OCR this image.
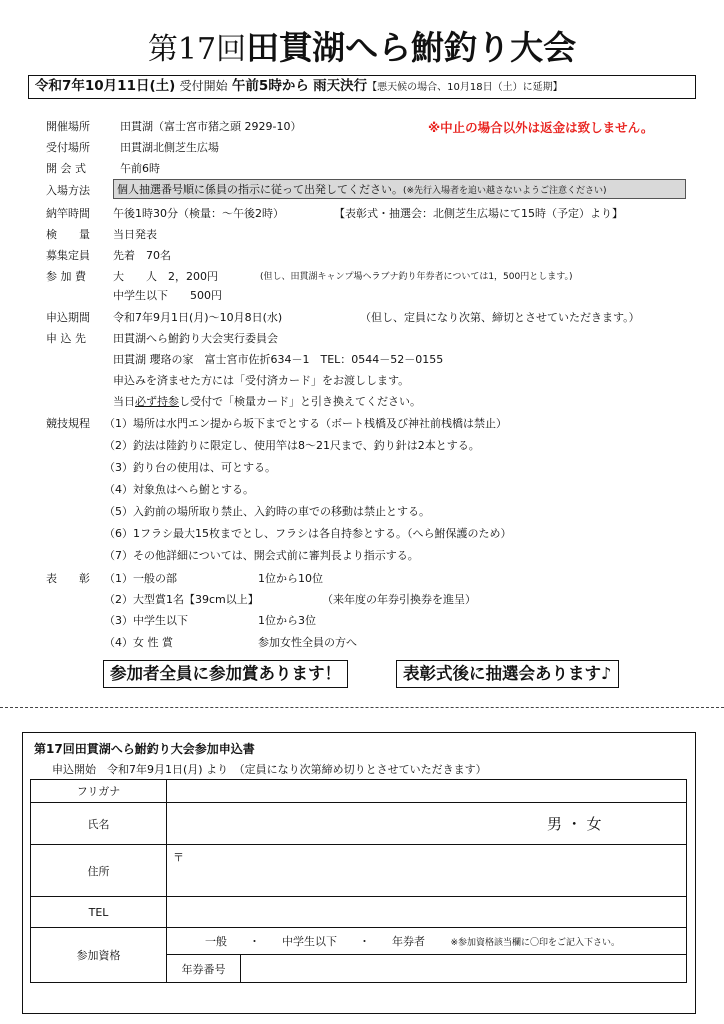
第17回田貫湖へら鮒釣り大会
令和7年10月11日(土) 受付開始 午前5時から 雨天決行【悪天候の場合、10月18日（土）に延期】
開催場所	田貫湖（富士宮市猪之頭 2929-10）	※中止の場合以外は返金は致しません。
受付場所	田貫湖北側芝生広場
開 会 式	午前6時
入場方法	個人抽選番号順に係員の指示に従って出発してください。(※先行入場者を追い越さないようご注意ください)
納竿時間	午後1時30分（検量：～午後2時）	【表彰式・抽選会：北側芝生広場にて15時（予定）より】
検　　量	当日発表
募集定員	先着　70名
参 加 費	大　　人　2，200円	(但し、田貫湖キャンプ場ヘラブナ釣り年券者については1，500円とします。)
中学生以下　　500円
申込期間	令和7年9月1日(月)～10月8日(水)	（但し、定員になり次第、締切とさせていただきます。）
申 込 先	田貫湖へら鮒釣り大会実行委員会
田貫湖 瓔珞の家　富士宮市佐折634－1　TEL：0544－52－0155
申込みを済ませた方には「受付済カード」をお渡しします。
当日必ず持参し受付で「検量カード」と引き換えてください。
競技規程	（1）場所は水門エン提から坂下までとする（ボート桟橋及び神社前桟橋は禁止）
（2）釣法は陸釣りに限定し、使用竿は8～21尺まで、釣り針は2本とする。
（3）釣り台の使用は、可とする。
（4）対象魚はへら鮒とする。
（5）入釣前の場所取り禁止、入釣時の車での移動は禁止とする。
（6）1フラシ最大15枚までとし、フラシは各自持参とする。（へら鮒保護のため）
（7）その他詳細については、開会式前に審判長より指示する。
表　　彰	（1）一般の部	1位から10位
（2）大型賞1名【39cm以上】	（来年度の年券引換券を進呈）
（3）中学生以下	1位から3位
（4）女 性 賞	参加女性全員の方へ
参加者全員に参加賞あります！	表彰式後に抽選会あります♪
第17回田貫湖へら鮒釣り大会参加申込書
申込開始　令和7年9月1日(月) より　（定員になり次第締め切りとさせていただきます）
フリガナ		
氏名	男 ・ 女	
住所	〒	
TEL		
参加資格	一般　　・　　中学生以下　　・　　年券者 ※参加資格該当欄に〇印をご記入下さい。	
	年券番号	
